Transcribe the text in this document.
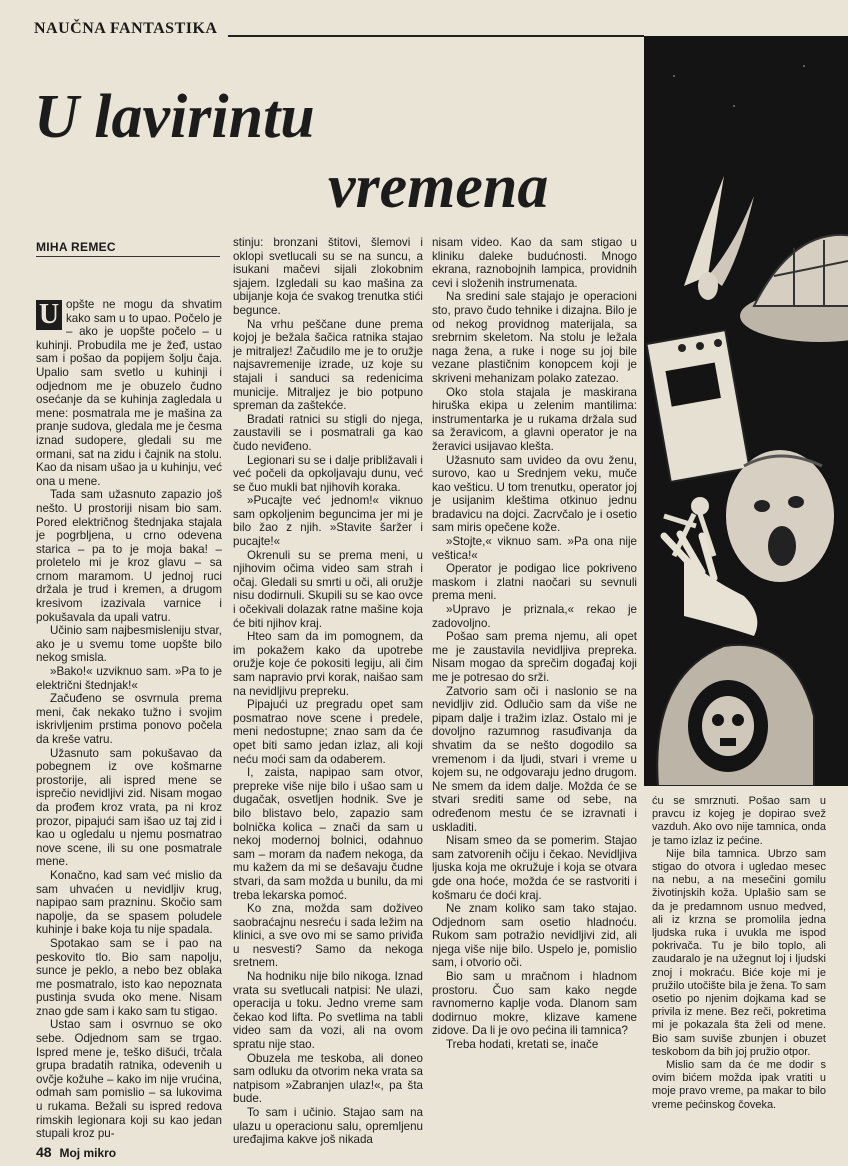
NAUČNA FANTASTIKA
U lavirintu
vremena
MIHA REMEC

U opšte ne mogu da shvatim kako sam u to upao. Počelo je – ako je uopšte počelo – u kuhinji. Probudila me je žeđ, ustao sam i pošao da popijem šolju čaja. Upalio sam svetlo u kuhinji i odjednom me je obuzelo čudno osećanje da se kuhinja zagledala u mene: posmatrala me je mašina za pranje sudova, gledala me je česma iznad sudopere, gledali su me ormani, sat na zidu i čajnik na stolu. Kao da nisam ušao ja u kuhinju, već ona u mene.

Tada sam užasnuto zapazio još nešto. U prostoriji nisam bio sam. Pored električnog štednjaka stajala je pogrbljena, u crno odevena starica – pa to je moja baka! – proletelo mi je kroz glavu – sa crnom maramom. U jednoj ruci držala je trud i kremen, a drugom kresivom izazivala varnice i pokušavala da upali vatru.

Učinio sam najbesmisleniju stvar, ako je u svemu tome uopšte bilo nekog smisla.

»Bako!« uzviknuo sam. »Pa to je električni štednjak!«

Začuđeno se osvrnula prema meni, čak nekako tužno i svojim iskrivljenim prstima ponovo počela da kreše vatru.

Užasnuto sam pokušavao da pobegnem iz ove košmarne prostorije, ali ispred mene se isprečio nevidljivi zid. Nisam mogao da prođem kroz vrata, pa ni kroz prozor, pipajući sam išao uz taj zid i kao u ogledalu u njemu posmatrao nove scene, ili su one posmatrale mene.

Konačno, kad sam već mislio da sam uhvaćen u nevidljiv krug, napipao sam prazninu. Skočio sam napolje, da se spasem poludele kuhinje i bake koja tu nije spadala.

Spotakao sam se i pao na peskovito tlo. Bio sam napolju, sunce je peklo, a nebo bez oblaka me posmatralo, isto kao nepoznata pustinja svuda oko mene. Nisam znao gde sam i kako sam tu stigao.

Ustao sam i osvrnuo se oko sebe. Odjednom sam se trgao. Ispred mene je, teško dišući, trčala grupa bradatih ratnika, odevenih u ovčje kožuhe – kako im nije vrućina, odmah sam pomislio – sa lukovima u rukama. Bežali su ispred redova rimskih legionara koji su kao jedan stupali kroz pu-

stinju: bronzani štitovi, šlemovi i oklopi svetlucali su se na suncu, a isukani mačevi sijali zlokobnim sjajem. Izgledali su kao mašina za ubijanje koja će svakog trenutka stići begunce.

Na vrhu peščane dune prema kojoj je bežala šačica ratnika stajao je mitraljez! Začudilo me je to oružje najsavremenije izrade, uz koje su stajali i sanduci sa redenicima municije. Mitraljez je bio potpuno spreman da zaštekće.

Bradati ratnici su stigli do njega, zaustavili se i posmatrali ga kao čudo neviđeno.

Legionari su se i dalje približavali i već počeli da opkoljavaju dunu, već se čuo mukli bat njihovih koraka.

»Pucajte već jednom!« viknuo sam opkoljenim beguncima jer mi je bilo žao z njih. »Stavite šaržer i pucajte!«

Okrenuli su se prema meni, u njihovim očima video sam strah i očaj. Gledali su smrti u oči, ali oružje nisu dodirnuli. Skupili su se kao ovce i očekivali dolazak ratne mašine koja će biti njihov kraj.

Hteo sam da im pomognem, da im pokažem kako da upotrebe oružje koje će pokositi legiju, ali čim sam napravio prvi korak, naišao sam na nevidljivu prepreku.

Pipajući uz pregradu opet sam posmatrao nove scene i predele, meni nedostupne; znao sam da će opet biti samo jedan izlaz, ali koji neću moći sam da odaberem.

I, zaista, napipao sam otvor, prepreke više nije bilo i ušao sam u dugačak, osvetljen hodnik. Sve je bilo blistavo belo, zapazio sam bolnička kolica – znači da sam u nekoj modernoj bolnici, odahnuo sam – moram da nađem nekoga, da mu kažem da mi se dešavaju čudne stvari, da sam možda u bunilu, da mi treba lekarska pomoć.

Ko zna, možda sam doživeo saobraćajnu nesreću i sada ležim na klinici, a sve ovo mi se samo priviđa u nesvesti? Samo da nekoga sretnem.

Na hodniku nije bilo nikoga. Iznad vrata su svetlucali natpisi: Ne ulazi, operacija u toku. Jedno vreme sam čekao kod lifta. Po svetlima na tabli video sam da vozi, ali na ovom spratu nije stao.

Obuzela me teskoba, ali doneo sam odluku da otvorim neka vrata sa natpisom »Zabranjen ulaz!«, pa šta bude.

To sam i učinio. Stajao sam na ulazu u operacionu salu, opremljenu uređajima kakve još nikada

nisam video. Kao da sam stigao u kliniku daleke budućnosti. Mnogo ekrana, raznobojnih lampica, providnih cevi i složenih instrumenata.

Na sredini sale stajajo je operacioni sto, pravo čudo tehnike i dizajna. Bilo je od nekog providnog materijala, sa srebrnim skeletom. Na stolu je ležala naga žena, a ruke i noge su joj bile vezane plastičnim konopcem koji je skriveni mehanizam polako zatezao.

Oko stola stajala je maskirana hiruška ekipa u zelenim mantilima: instrumentarka je u rukama držala sud sa žeravicom, a glavni operator je na žeravici usijavao klešta.

Užasnuto sam uvideo da ovu ženu, surovo, kao u Srednjem veku, muče kao vešticu. U tom trenutku, operator joj je usijanim kleštima otkinuo jednu bradavicu na dojci. Zacrvčalo je i osetio sam miris opečene kože.

»Stojte,« viknuo sam. »Pa ona nije veštica!«

Operator je podigao lice pokriveno maskom i zlatni naočari su sevnuli prema meni.

»Upravo je priznala,« rekao je zadovoljno.

Pošao sam prema njemu, ali opet me je zaustavila nevidljiva prepreka. Nisam mogao da sprečim događaj koji me je potresao do srži.

Zatvorio sam oči i naslonio se na nevidljiv zid. Odlučio sam da više ne pipam dalje i tražim izlaz. Ostalo mi je dovoljno razumnog rasuđivanja da shvatim da se nešto dogodilo sa vremenom i da ljudi, stvari i vreme u kojem su, ne odgovaraju jedno drugom. Ne smem da idem dalje. Možda će se stvari srediti same od sebe, na određenom mestu će se izravnati i uskladiti.

Nisam smeo da se pomerim. Stajao sam zatvorenih očiju i čekao. Nevidljiva ljuska koja me okružuje i koja se otvara gde ona hoće, možda će se rastvoriti i košmaru će doći kraj.

Ne znam koliko sam tako stajao. Odjednom sam osetio hladnoću. Rukom sam potražio nevidljivi zid, ali njega više nije bilo. Uspelo je, pomislio sam, i otvorio oči.

Bio sam u mračnom i hladnom prostoru. Čuo sam kako negde ravnomerno kaplje voda. Dlanom sam dodirnuo mokre, klizave kamene zidove. Da li je ovo pećina ili tamnica?

Treba hodati, kretati se, inače

ću se smrznuti. Pošao sam u pravcu iz kojeg je dopirao svež vazduh. Ako ovo nije tamnica, onda je tamo izlaz iz pećine.

Nije bila tamnica. Ubrzo sam stigao do otvora i ugledao mesec na nebu, a na mesečini gomilu životinjskih koža. Uplašio sam se da je predamnom usnuo medved, ali iz krzna se promolila jedna ljudska ruka i uvukla me ispod pokrivača. Tu je bilo toplo, ali zaudaralo je na užegnut loj i ljudski znoj i mokraću. Biće koje mi je pružilo utočište bila je žena. To sam osetio po njenim dojkama kad se privila iz mene. Bez reči, pokretima mi je pokazala šta želi od mene. Bio sam suviše zbunjen i obuzet teskobom da bih joj pružio otpor.

Mislio sam da će me dodir s ovim bićem možda ipak vratiti u moje pravo vreme, pa makar to bilo vreme pećinskog čoveka.

48 Moj mikro
